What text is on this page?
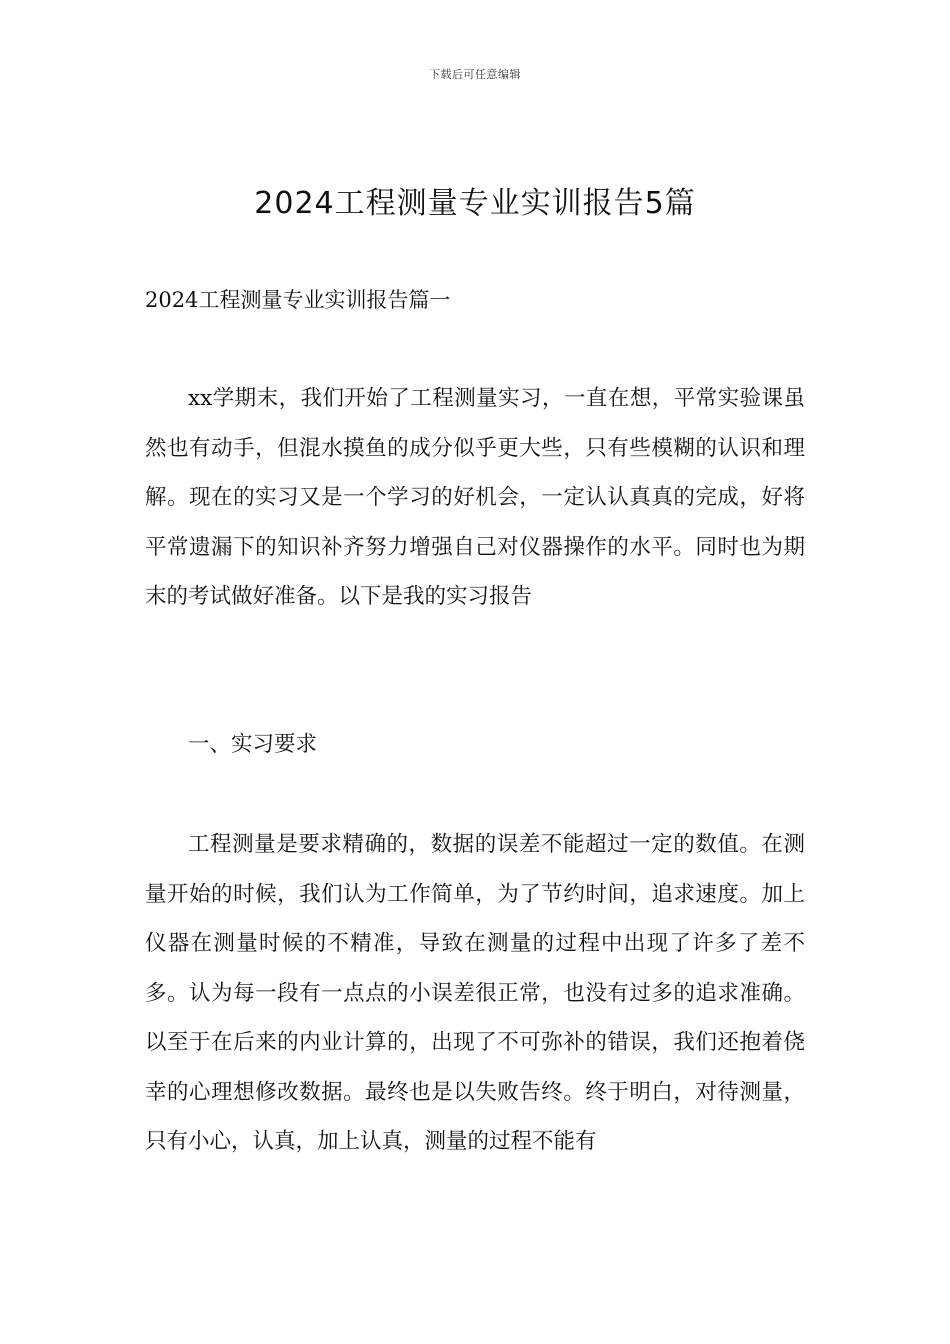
下载后可任意编辑
2024工程测量专业实训报告5篇
2024工程测量专业实训报告篇一

xx学期末，我们开始了工程测量实习，一直在想，平常实验课虽然也有动手，但混水摸鱼的成分似乎更大些，只有些模糊的认识和理解。现在的实习又是一个学习的好机会，一定认认真真的完成，好将平常遗漏下的知识补齐努力增强自己对仪器操作的水平。同时也为期末的考试做好准备。以下是我的实习报告

一、实习要求

工程测量是要求精确的，数据的误差不能超过一定的数值。在测量开始的时候，我们认为工作简单，为了节约时间，追求速度。加上仪器在测量时候的不精准，导致在测量的过程中出现了许多了差不多。认为每一段有一点点的小误差很正常，也没有过多的追求准确。以至于在后来的内业计算的，出现了不可弥补的错误，我们还抱着侥幸的心理想修改数据。最终也是以失败告终。终于明白，对待测量，只有小心，认真，加上认真，测量的过程不能有
